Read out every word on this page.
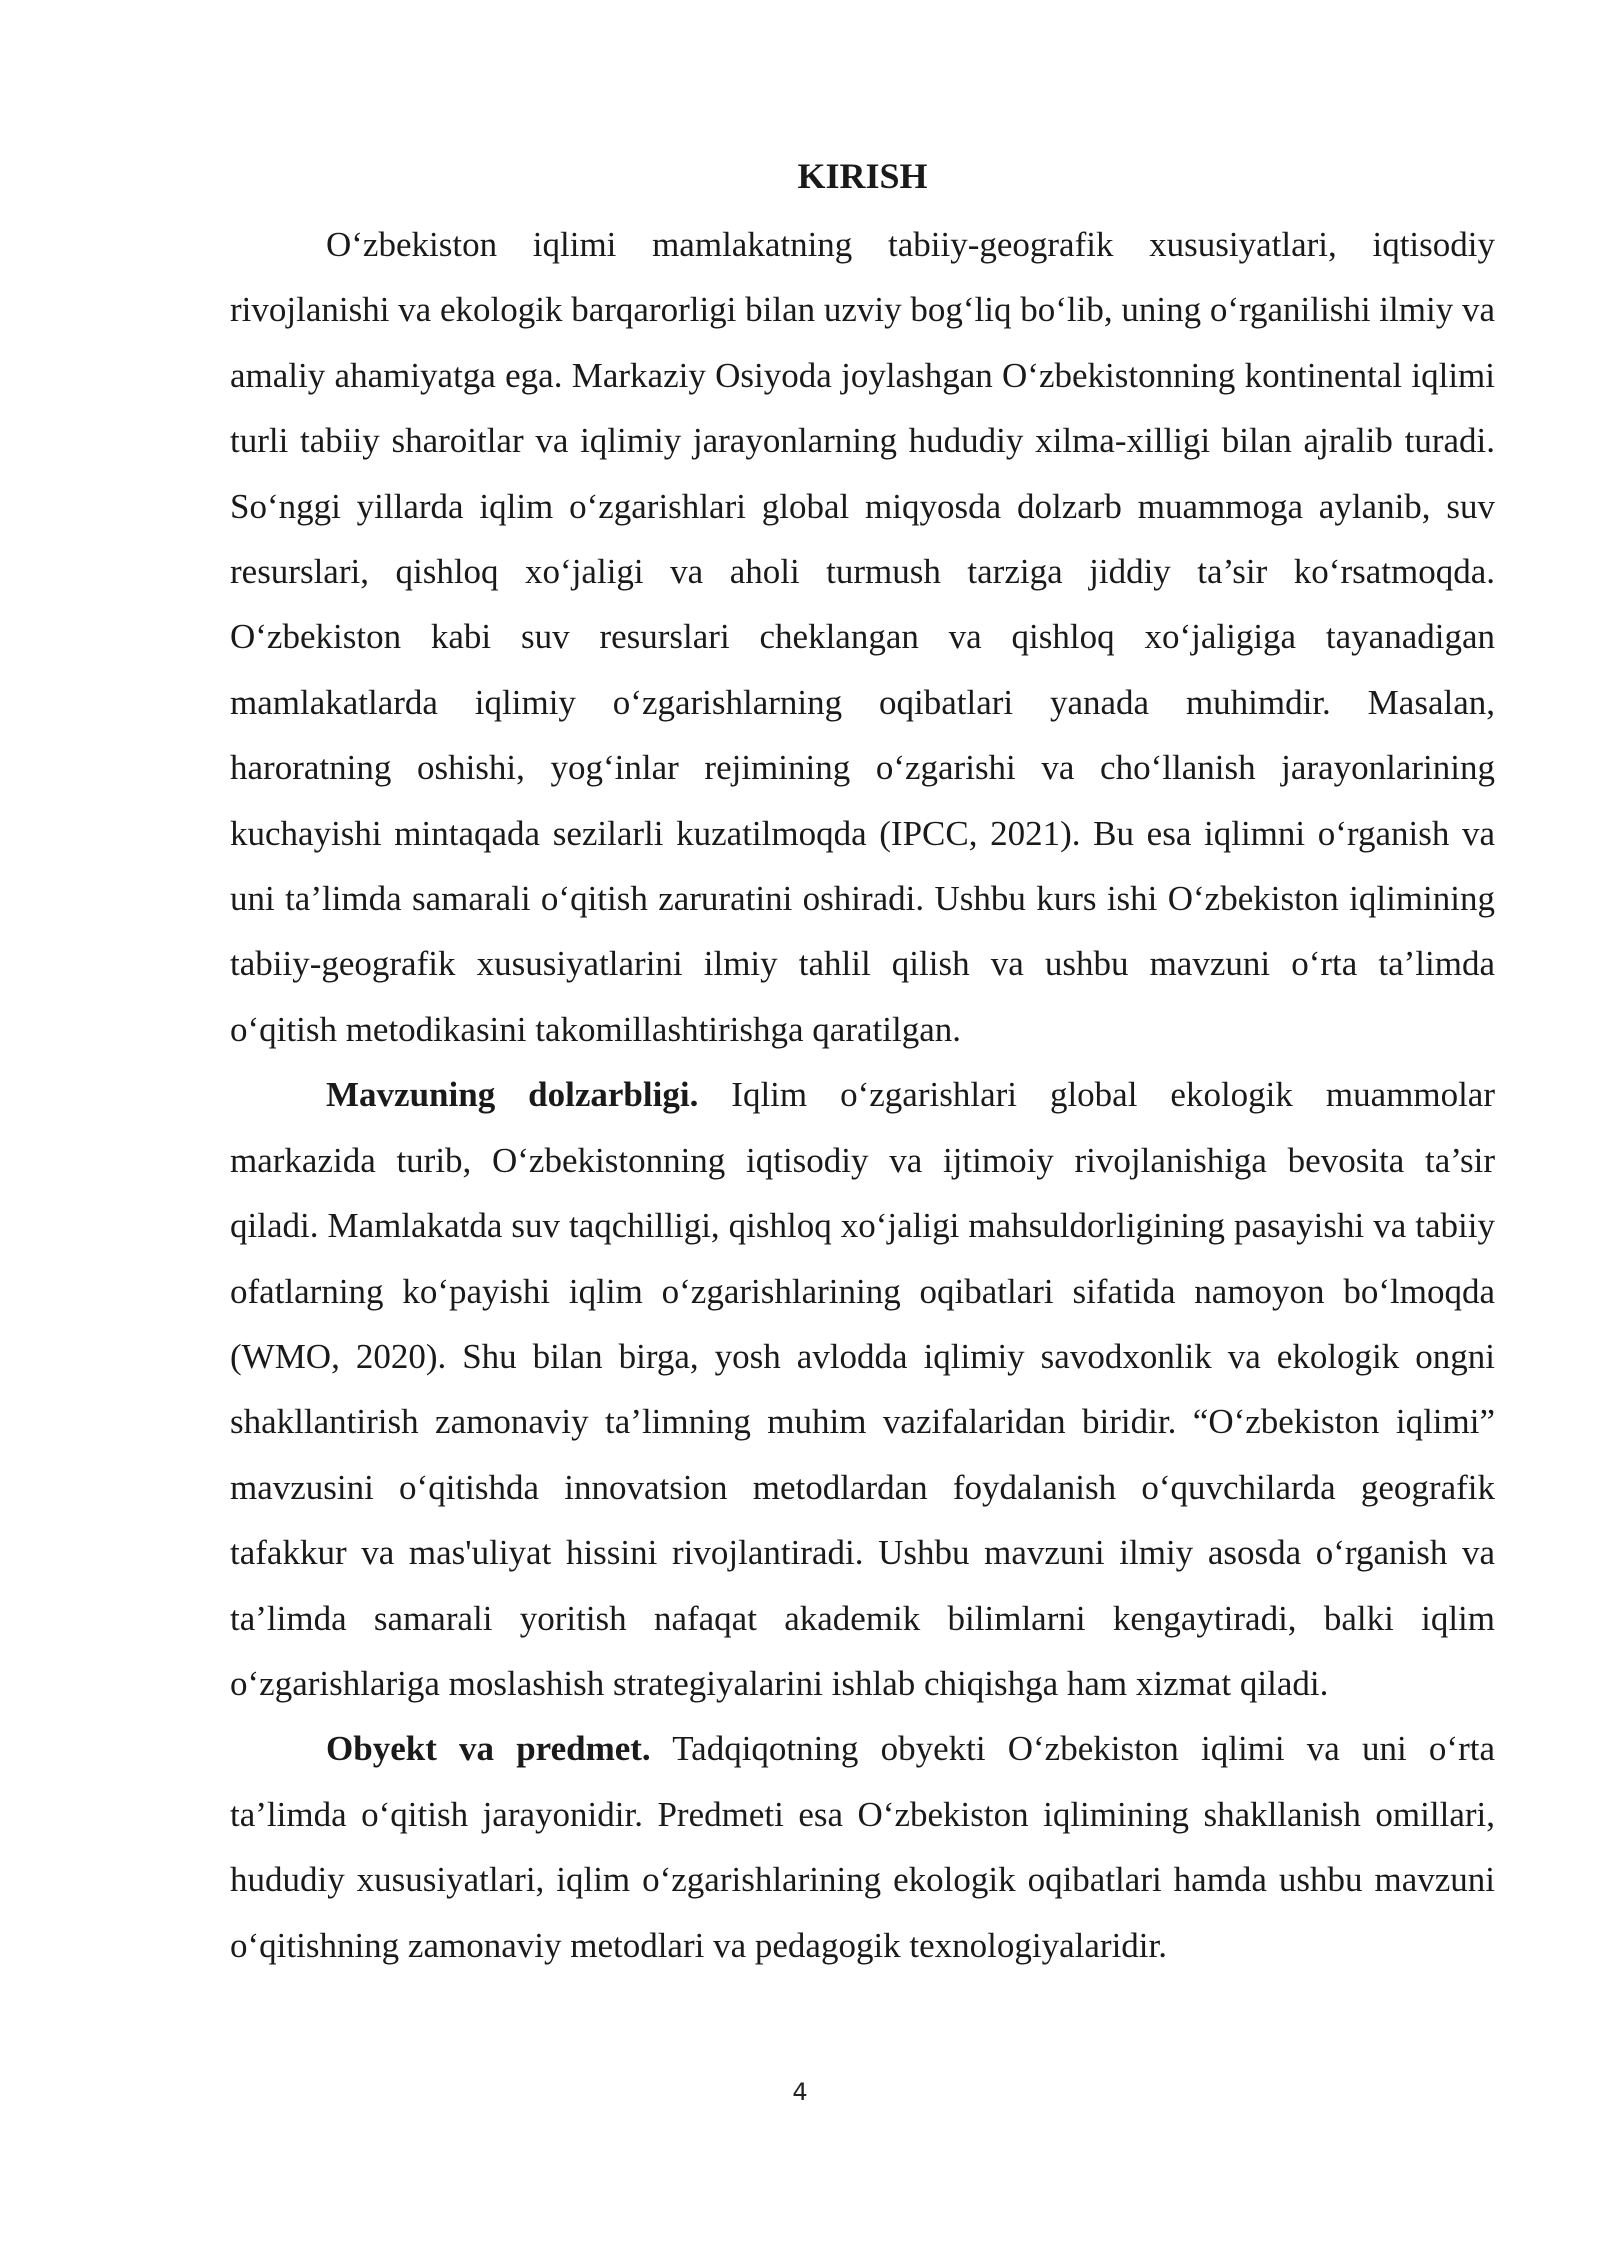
KIRISH

O‘zbekiston iqlimi mamlakatning tabiiy-geografik xususiyatlari, iqtisodiy rivojlanishi va ekologik barqarorligi bilan uzviy bog‘liq bo‘lib, uning o‘rganilishi ilmiy va amaliy ahamiyatga ega. Markaziy Osiyoda joylashgan O‘zbekistonning kontinental iqlimi turli tabiiy sharoitlar va iqlimiy jarayonlarning hududiy xilma-xilligi bilan ajralib turadi. So‘nggi yillarda iqlim o‘zgarishlari global miqyosda dolzarb muammoga aylanib, suv resurslari, qishloq xo‘jaligi va aholi turmush tarziga jiddiy ta’sir ko‘rsatmoqda. O‘zbekiston kabi suv resurslari cheklangan va qishloq xo‘jaligiga tayanadigan mamlakatlarda iqlimiy o‘zgarishlarning oqibatlari yanada muhimdir. Masalan, haroratning oshishi, yog‘inlar rejimining o‘zgarishi va cho‘llanish jarayonlarining kuchayishi mintaqada sezilarli kuzatilmoqda (IPCC, 2021). Bu esa iqlimni o‘rganish va uni ta’limda samarali o‘qitish zaruratini oshiradi. Ushbu kurs ishi O‘zbekiston iqlimining tabiiy-geografik xususiyatlarini ilmiy tahlil qilish va ushbu mavzuni o‘rta ta’limda o‘qitish metodikasini takomillashtirishga qaratilgan.

Mavzuning dolzarbligi. Iqlim o‘zgarishlari global ekologik muammolar markazida turib, O‘zbekistonning iqtisodiy va ijtimoiy rivojlanishiga bevosita ta’sir qiladi. Mamlakatda suv taqchilligi, qishloq xo‘jaligi mahsuldorligining pasayishi va tabiiy ofatlarning ko‘payishi iqlim o‘zgarishlarining oqibatlari sifatida namoyon bo‘lmoqda (WMO, 2020). Shu bilan birga, yosh avlodda iqlimiy savodxonlik va ekologik ongni shakllantirish zamonaviy ta’limning muhim vazifalaridan biridir. “O‘zbekiston iqlimi” mavzusini o‘qitishda innovatsion metodlardan foydalanish o‘quvchilarda geografik tafakkur va mas'uliyat hissini rivojlantiradi. Ushbu mavzuni ilmiy asosda o‘rganish va ta’limda samarali yoritish nafaqat akademik bilimlarni kengaytiradi, balki iqlim o‘zgarishlariga moslashish strategiyalarini ishlab chiqishga ham xizmat qiladi.

Obyekt va predmet. Tadqiqotning obyekti O‘zbekiston iqlimi va uni o‘rta ta’limda o‘qitish jarayonidir. Predmeti esa O‘zbekiston iqlimining shakllanish omillari, hududiy xususiyatlari, iqlim o‘zgarishlarining ekologik oqibatlari hamda ushbu mavzuni o‘qitishning zamonaviy metodlari va pedagogik texnologiyalaridir.

4
